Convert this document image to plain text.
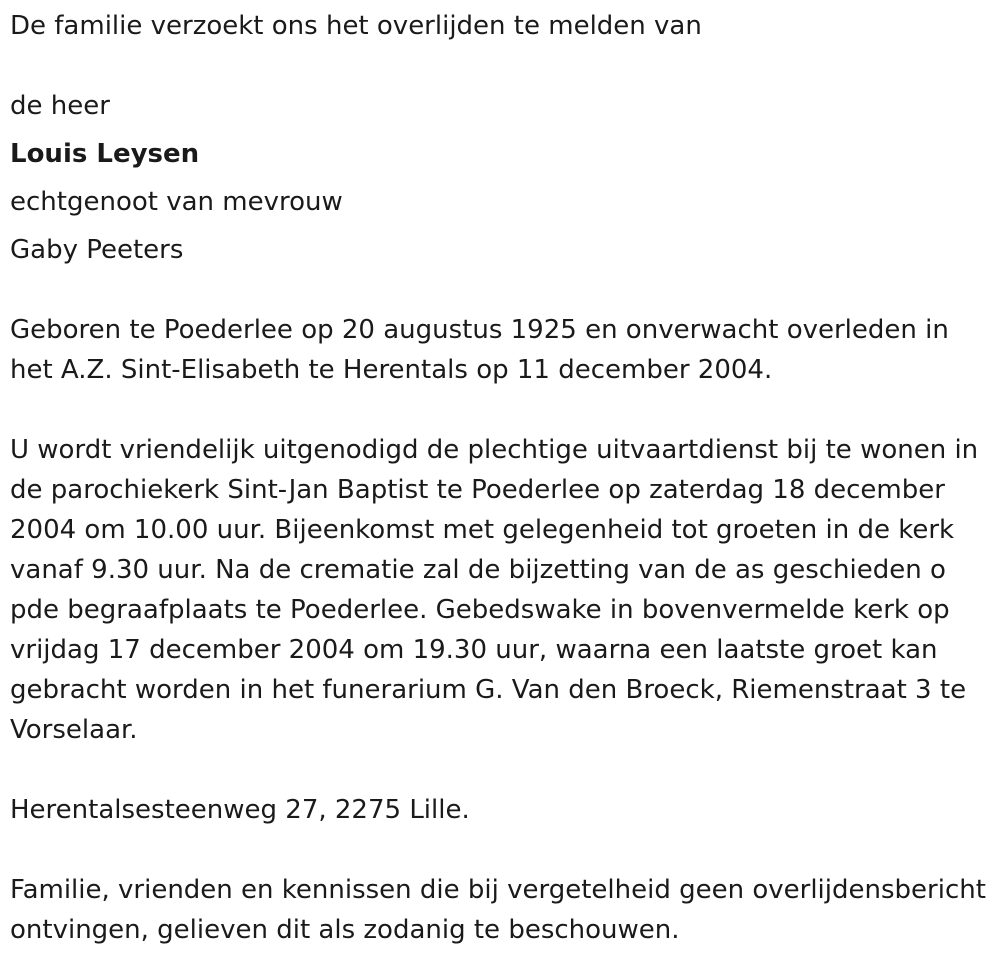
De familie verzoekt ons het overlijden te melden van

de heer

Louis Leysen

echtgenoot van mevrouw

Gaby Peeters

Geboren te Poederlee op 20 augustus 1925 en onverwacht overleden in het A.Z. Sint-Elisabeth te Herentals op 11 december 2004.

U wordt vriendelijk uitgenodigd de plechtige uitvaartdienst bij te wonen in de parochiekerk Sint-Jan Baptist te Poederlee op zaterdag 18 december 2004 om 10.00 uur. Bijeenkomst met gelegenheid tot groeten in de kerk vanaf 9.30 uur. Na de crematie zal de bijzetting van de as geschieden o pde begraafplaats te Poederlee. Gebedswake in bovenvermelde kerk op vrijdag 17 december 2004 om 19.30 uur, waarna een laatste groet kan gebracht worden in het funerarium G. Van den Broeck, Riemenstraat 3 te Vorselaar.

Herentalsesteenweg 27, 2275 Lille.

Familie, vrienden en kennissen die bij vergetelheid geen overlijdensbericht ontvingen, gelieven dit als zodanig te beschouwen.
